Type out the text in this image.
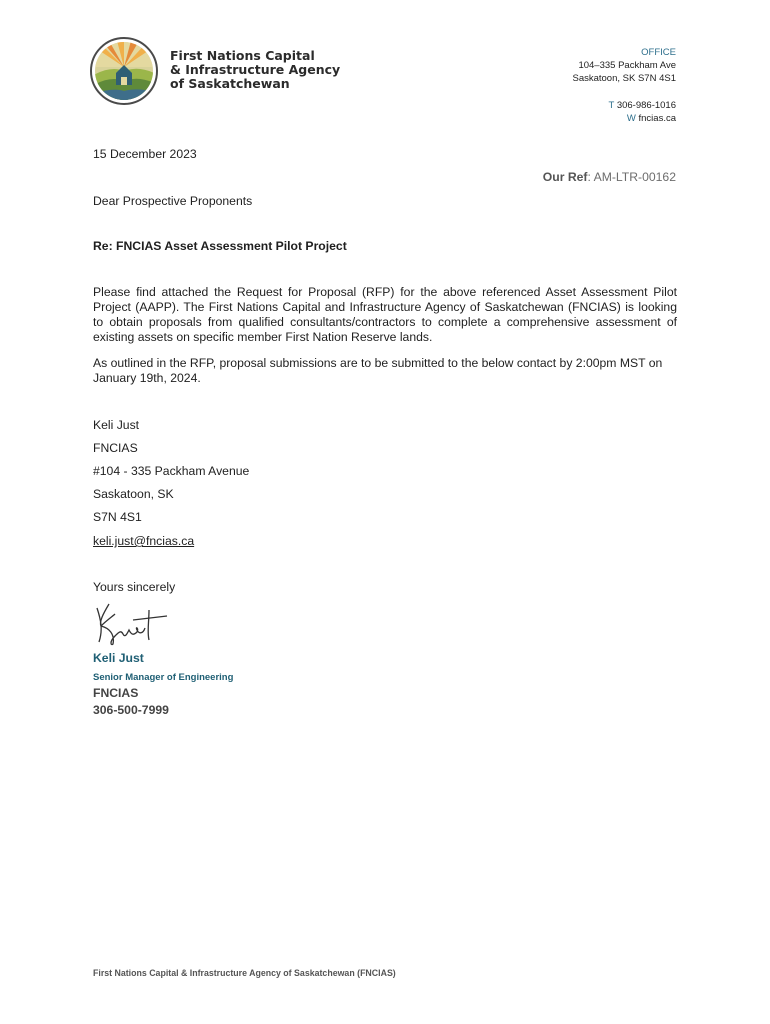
First Nations Capital
& Infrastructure Agency
of Saskatchewan
OFFICE
104–335 Packham Ave
Saskatoon, SK S7N 4S1
T 306-986-1016
W fncias.ca
15 December 2023
Our Ref: AM-LTR-00162
Dear Prospective Proponents
Re: FNCIAS Asset Assessment Pilot Project
Please find attached the Request for Proposal (RFP) for the above referenced Asset Assessment Pilot Project (AAPP). The First Nations Capital and Infrastructure Agency of Saskatchewan (FNCIAS) is looking to obtain proposals from qualified consultants/contractors to complete a comprehensive assessment of existing assets on specific member First Nation Reserve lands.
As outlined in the RFP, proposal submissions are to be submitted to the below contact by 2:00pm MST on January 19th, 2024.
Keli Just
FNCIAS
#104 - 335 Packham Avenue
Saskatoon, SK
S7N 4S1
keli.just@fncias.ca
Yours sincerely
Keli Just
Senior Manager of Engineering
FNCIAS
306-500-7999
First Nations Capital & Infrastructure Agency of Saskatchewan (FNCIAS)
